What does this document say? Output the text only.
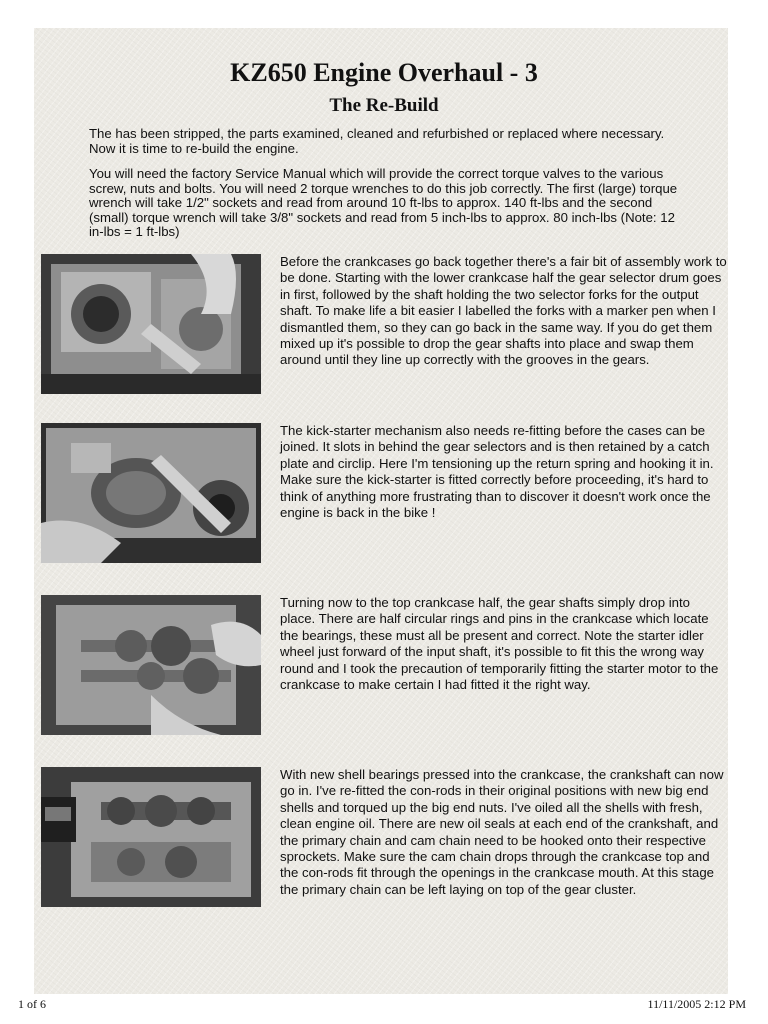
KZ650 Engine Overhaul - 3
The Re-Build

The has been stripped, the parts examined, cleaned and refurbished or replaced where necessary. Now it is time to re-build the engine.

You will need the factory Service Manual which will provide the correct torque valves to the various screw, nuts and bolts. You will need 2 torque wrenches to do this job correctly. The first (large) torque wrench will take 1/2" sockets and read from around 10 ft-lbs to approx. 140 ft-lbs and the second (small) torque wrench will take 3/8" sockets and read from 5 inch-lbs to approx. 80 inch-lbs (Note: 12 in-lbs = 1 ft-lbs)

Before the crankcases go back together there's a fair bit of assembly work to be done. Starting with the lower crankcase half the gear selector drum goes in first, followed by the shaft holding the two selector forks for the output shaft. To make life a bit easier I labelled the forks with a marker pen when I dismantled them, so they can go back in the same way. If you do get them mixed up it's possible to drop the gear shafts into place and swap them around until they line up correctly with the grooves in the gears.

The kick-starter mechanism also needs re-fitting before the cases can be joined. It slots in behind the gear selectors and is then retained by a catch plate and circlip. Here I'm tensioning up the return spring and hooking it in. Make sure the kick-starter is fitted correctly before proceeding, it's hard to think of anything more frustrating than to discover it doesn't work once the engine is back in the bike !

Turning now to the top crankcase half, the gear shafts simply drop into place. There are half circular rings and pins in the crankcase which locate the bearings, these must all be present and correct. Note the starter idler wheel just forward of the input shaft, it's possible to fit this the wrong way round and I took the precaution of temporarily fitting the starter motor to the crankcase to make certain I had fitted it the right way.

With new shell bearings pressed into the crankcase, the crankshaft can now go in. I've re-fitted the con-rods in their original positions with new big end shells and torqued up the big end nuts. I've oiled all the shells with fresh, clean engine oil. There are new oil seals at each end of the crankshaft, and the primary chain and cam chain need to be hooked onto their respective sprockets. Make sure the cam chain drops through the crankcase top and the con-rods fit through the openings in the crankcase mouth. At this stage the primary chain can be left laying on top of the gear cluster.

1 of 6	11/11/2005 2:12 PM
